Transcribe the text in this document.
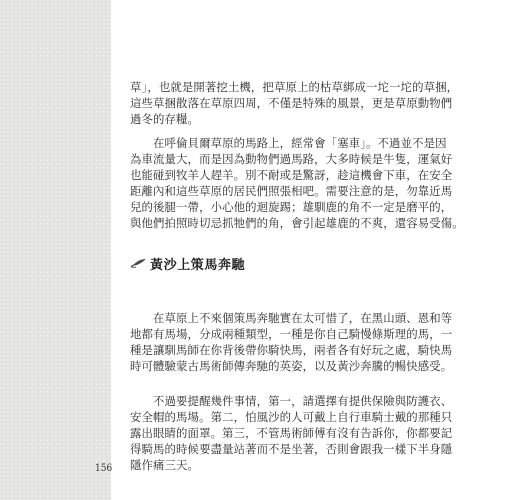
草」，也就是開著挖土機，把草原上的枯草綁成一坨一坨的草捆，
這些草捆散落在草原四周，不僅是特殊的風景，更是草原動物們
過冬的存糧。
　　在呼倫貝爾草原的馬路上，經常會「塞車」。不過並不是因
為車流量大，而是因為動物們過馬路，大多時候是牛隻，運氣好
也能碰到牧羊人趕羊。別不耐或是驚訝，趁這機會下車，在安全
距離內和這些草原的居民們照張相吧。需要注意的是，勿靠近馬
兒的後腿一帶，小心他的迴旋踢；雄馴鹿的角不一定是磨平的，
與他們拍照時切忌抓牠們的角，會引起雄鹿的不爽，還容易受傷。
黃沙上策馬奔馳
　　在草原上不來個策馬奔馳實在太可惜了，在黑山頭、恩和等
地都有馬場，分成兩種類型，一種是你自己騎慢條斯理的馬，一
種是讓馴馬師在你背後帶你騎快馬，兩者各有好玩之處，騎快馬
時可體驗蒙古馬術師傳奔馳的英姿，以及黃沙奔騰的暢快感受。
　　不過要提醒幾件事情，第一，請選擇有提供保險與防護衣、
安全帽的馬場。第二，怕風沙的人可戴上自行車騎士戴的那種只
露出眼睛的面罩。第三，不管馬術師傅有沒有告訴你，你都要記
得騎馬的時候要盡量站著而不是坐著，否則會跟我一樣下半身隱
隱作痛三天。
156
